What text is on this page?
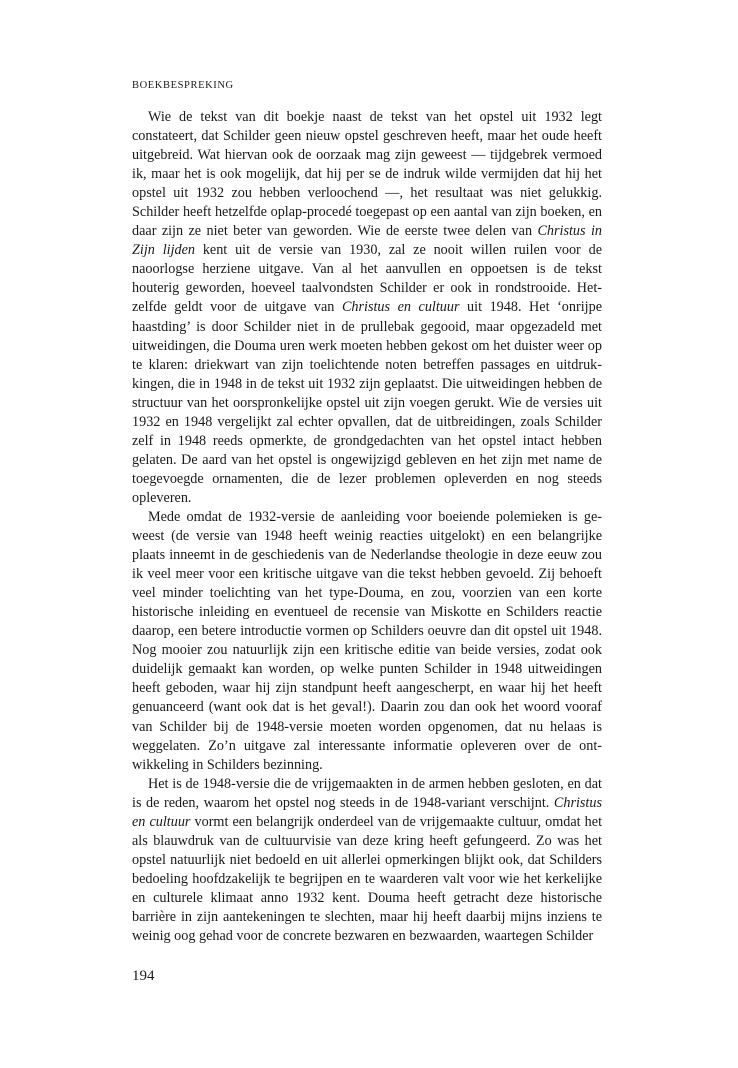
BOEKBESPREKING

Wie de tekst van dit boekje naast de tekst van het opstel uit 1932 legt constateert, dat Schilder geen nieuw opstel geschreven heeft, maar het oude heeft uitgebreid. Wat hiervan ook de oorzaak mag zijn geweest — tijdgebrek vermoed ik, maar het is ook mogelijk, dat hij per se de indruk wilde vermijden dat hij het opstel uit 1932 zou hebben verloochend —, het resultaat was niet gelukkig. Schilder heeft hetzelfde oplap-procedé toegepast op een aantal van zijn boeken, en daar zijn ze niet beter van geworden. Wie de eerste twee delen van Christus in Zijn lijden kent uit de versie van 1930, zal ze nooit willen ruilen voor de naoorlogse herziene uitgave. Van al het aanvullen en oppoetsen is de tekst houterig geworden, hoeveel taalvondsten Schilder er ook in rondstrooide. Hetzelfde geldt voor de uitgave van Christus en cultuur uit 1948. Het ‘onrijpe haastding’ is door Schilder niet in de prullebak gegooid, maar opgezadeld met uitweidingen, die Douma uren werk moeten hebben gekost om het duister weer op te klaren: driekwart van zijn toelichtende noten betreffen passages en uitdrukkingen, die in 1948 in de tekst uit 1932 zijn geplaatst. Die uitweidingen hebben de structuur van het oorspronkelijke opstel uit zijn voegen gerukt. Wie de versies uit 1932 en 1948 vergelijkt zal echter opvallen, dat de uitbreidingen, zoals Schilder zelf in 1948 reeds opmerkte, de grondgedachten van het opstel intact hebben gelaten. De aard van het opstel is ongewijzigd gebleven en het zijn met name de toegevoegde ornamenten, die de lezer problemen opleverden en nog steeds opleveren.

Mede omdat de 1932-versie de aanleiding voor boeiende polemieken is geweest (de versie van 1948 heeft weinig reacties uitgelokt) en een belangrijke plaats inneemt in de geschiedenis van de Nederlandse theologie in deze eeuw zou ik veel meer voor een kritische uitgave van die tekst hebben gevoeld. Zij behoeft veel minder toelichting van het type-Douma, en zou, voorzien van een korte historische inleiding en eventueel de recensie van Miskotte en Schilders reactie daarop, een betere introductie vormen op Schilders oeuvre dan dit opstel uit 1948. Nog mooier zou natuurlijk zijn een kritische editie van beide versies, zodat ook duidelijk gemaakt kan worden, op welke punten Schilder in 1948 uitweidingen heeft geboden, waar hij zijn standpunt heeft aangescherpt, en waar hij het heeft genuanceerd (want ook dat is het geval!). Daarin zou dan ook het woord vooraf van Schilder bij de 1948-versie moeten worden opgenomen, dat nu helaas is weggelaten. Zo’n uitgave zal interessante informatie opleveren over de ontwikkeling in Schilders bezinning.

Het is de 1948-versie die de vrijgemaakten in de armen hebben gesloten, en dat is de reden, waarom het opstel nog steeds in de 1948-variant verschijnt. Christus en cultuur vormt een belangrijk onderdeel van de vrijgemaakte cultuur, omdat het als blauwdruk van de cultuurvisie van deze kring heeft gefungeerd. Zo was het opstel natuurlijk niet bedoeld en uit allerlei opmerkingen blijkt ook, dat Schilders bedoeling hoofdzakelijk te begrijpen en te waarderen valt voor wie het kerkelijke en culturele klimaat anno 1932 kent. Douma heeft getracht deze historische barrière in zijn aantekeningen te slechten, maar hij heeft daarbij mijns inziens te weinig oog gehad voor de concrete bezwaren en bezwaarden, waartegen Schilder

194
